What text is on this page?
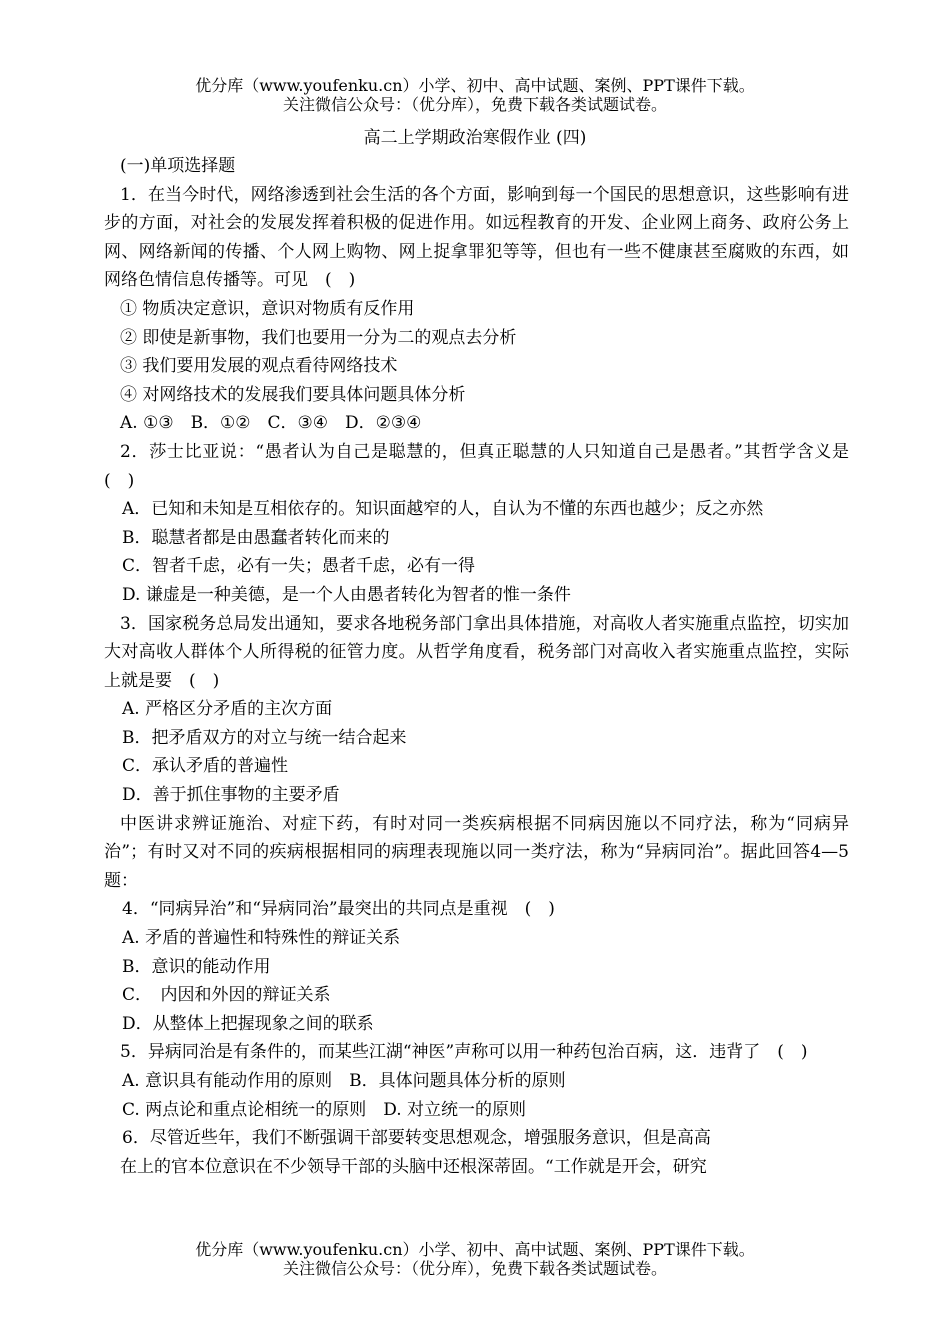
优分库（www.youfenku.cn）小学、初中、高中试题、案例、PPT课件下载。
关注微信公众号：（优分库），免费下载各类试题试卷。
高二上学期政治寒假作业 (四)

(一)单项选择题

1．在当今时代，网络渗透到社会生活的各个方面，影响到每一个国民的思想意识，这些影响有进步的方面，对社会的发展发挥着积极的促进作用。如远程教育的开发、企业网上商务、政府公务上网、网络新闻的传播、个人网上购物、网上捉拿罪犯等等，但也有一些不健康甚至腐败的东西，如网络色情信息传播等。可见　(　)

① 物质决定意识，意识对物质有反作用

② 即使是新事物，我们也要用一分为二的观点去分析

③ 我们要用发展的观点看待网络技术

④ 对网络技术的发展我们要具体问题具体分析

A. ①③　B．①②　C．③④　D．②③④

2．莎士比亚说：“愚者认为自己是聪慧的，但真正聪慧的人只知道自己是愚者。”其哲学含义是　(　)

A．已知和未知是互相依存的。知识面越窄的人，自认为不懂的东西也越少；反之亦然

B．聪慧者都是由愚蠢者转化而来的

C．智者千虑，必有一失；愚者千虑，必有一得

D. 谦虚是一种美德，是一个人由愚者转化为智者的惟一条件

3．国家税务总局发出通知，要求各地税务部门拿出具体措施，对高收人者实施重点监控，切实加大对高收人群体个人所得税的征管力度。从哲学角度看，税务部门对高收入者实施重点监控，实际上就是要　(　)

A. 严格区分矛盾的主次方面

B．把矛盾双方的对立与统一结合起来

C．承认矛盾的普遍性

D．善于抓住事物的主要矛盾

中医讲求辨证施治、对症下药，有时对同一类疾病根据不同病因施以不同疗法，称为“同病异治”；有时又对不同的疾病根据相同的病理表现施以同一类疗法，称为“异病同治”。据此回答4—5题：

4．“同病异治”和“异病同治”最突出的共同点是重视　(　)

A. 矛盾的普遍性和特殊性的辩证关系

B．意识的能动作用

C．　内因和外因的辩证关系

D．从整体上把握现象之间的联系

5．异病同治是有条件的，而某些江湖“神医”声称可以用一种药包治百病，这．违背了　(　)

A. 意识具有能动作用的原则　B．具体问题具体分析的原则

C. 两点论和重点论相统一的原则　D. 对立统一的原则

6．尽管近些年，我们不断强调干部要转变思想观念，增强服务意识，但是高高

在上的官本位意识在不少领导干部的头脑中还根深蒂固。“工作就是开会，研究

优分库（www.youfenku.cn）小学、初中、高中试题、案例、PPT课件下载。
关注微信公众号：（优分库），免费下载各类试题试卷。
